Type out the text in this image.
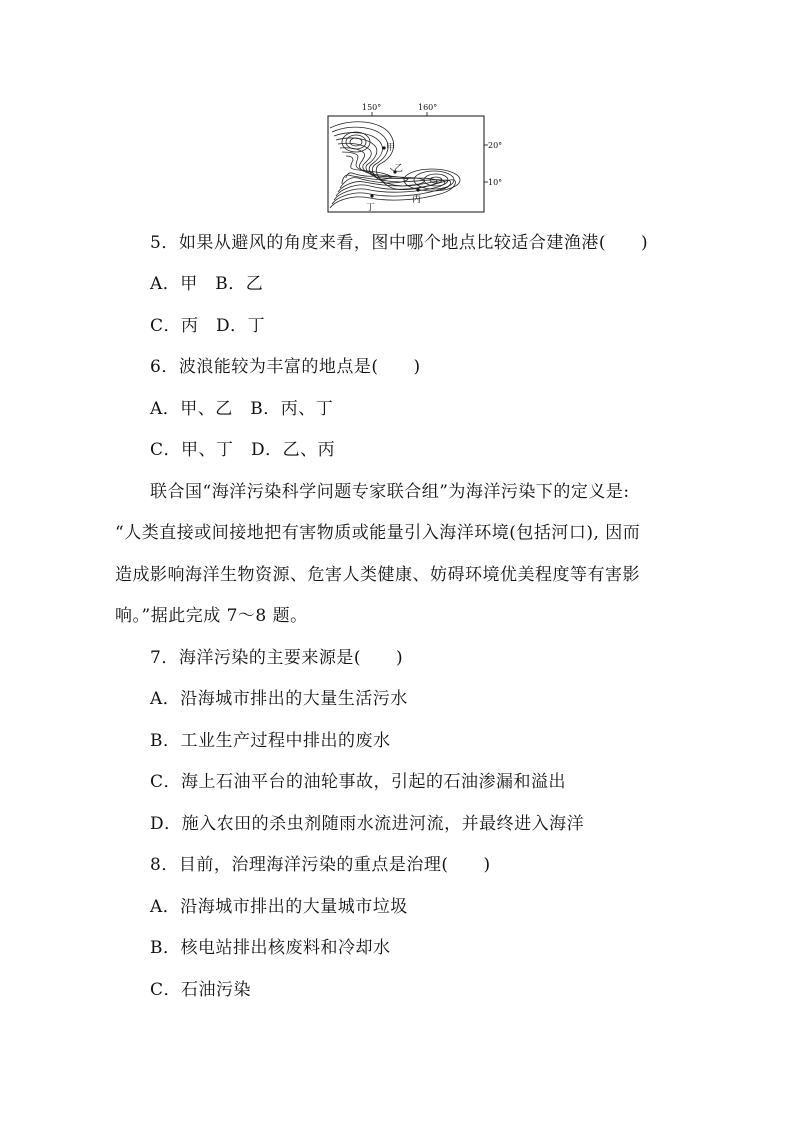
150°	160°
20°
10°
甲
乙
丙
丁
5．如果从避风的角度来看，图中哪个地点比较适合建渔港(　　)
A．甲　B．乙
C．丙　D．丁
6．波浪能较为丰富的地点是(　　)
A．甲、乙　B．丙、丁
C．甲、丁　D．乙、丙
联合国“海洋污染科学问题专家联合组”为海洋污染下的定义是:
“人类直接或间接地把有害物质或能量引入海洋环境(包括河口), 因而
造成影响海洋生物资源、危害人类健康、妨碍环境优美程度等有害影
响。”据此完成 7～8 题。
7．海洋污染的主要来源是(　　)
A．沿海城市排出的大量生活污水
B．工业生产过程中排出的废水
C．海上石油平台的油轮事故，引起的石油渗漏和溢出
D．施入农田的杀虫剂随雨水流进河流，并最终进入海洋
8．目前，治理海洋污染的重点是治理(　　)
A．沿海城市排出的大量城市垃圾
B．核电站排出核废料和冷却水
C．石油污染
